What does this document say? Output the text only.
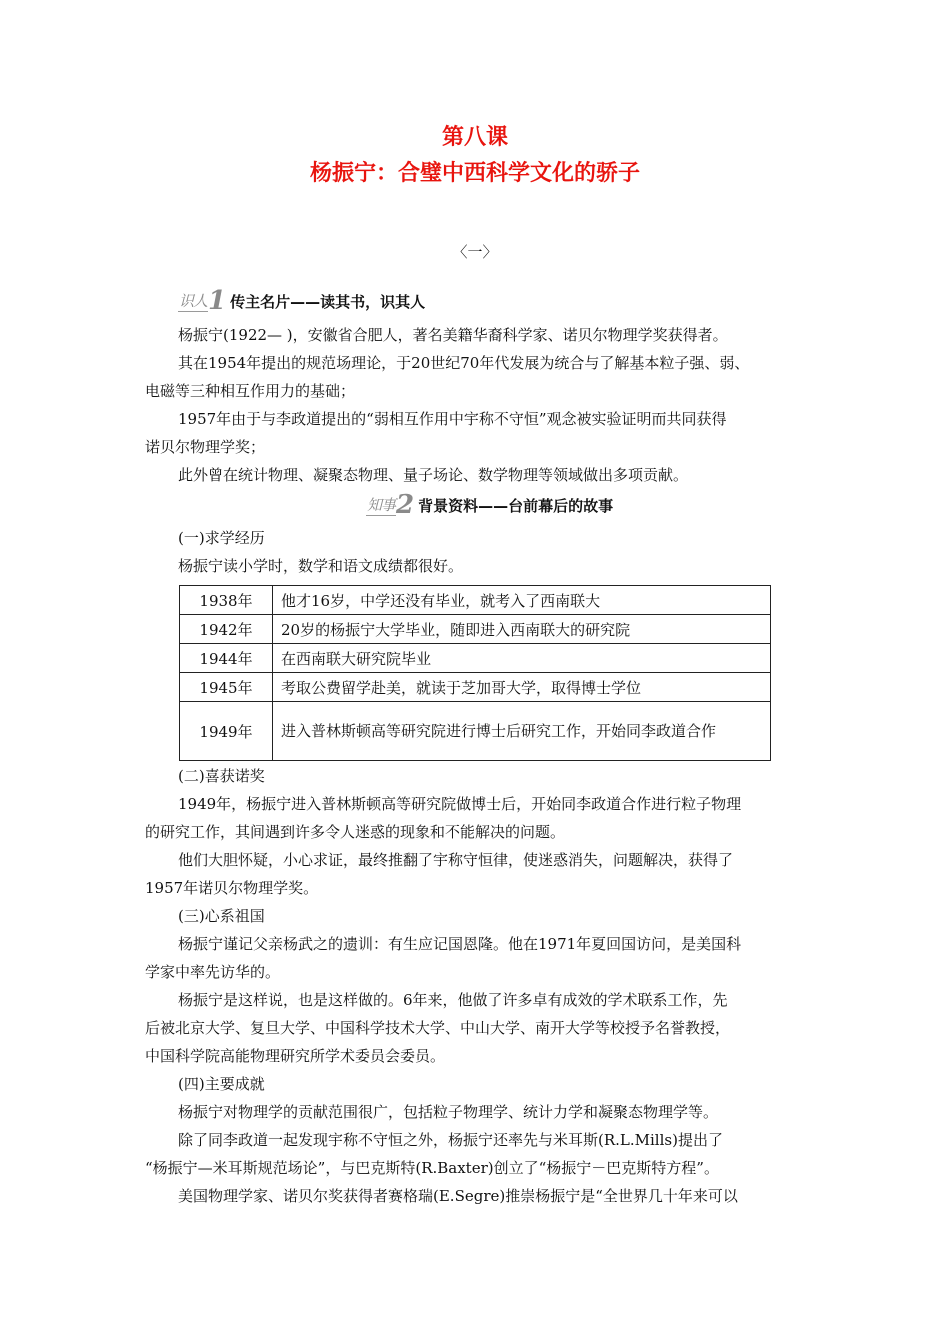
第八课
杨振宁：合璧中西科学文化的骄子
〈一〉
识人 1 传主名片——读其书，识其人
杨振宁(1922— )，安徽省合肥人，著名美籍华裔科学家、诺贝尔物理学奖获得者。
其在1954年提出的规范场理论，于20世纪70年代发展为统合与了解基本粒子强、弱、
电磁等三种相互作用力的基础；
1957年由于与李政道提出的“弱相互作用中宇称不守恒”观念被实验证明而共同获得
诺贝尔物理学奖；
此外曾在统计物理、凝聚态物理、量子场论、数学物理等领域做出多项贡献。
知事 2 背景资料——台前幕后的故事
(一)求学经历
杨振宁读小学时，数学和语文成绩都很好。
1938年	他才16岁，中学还没有毕业，就考入了西南联大
1942年	20岁的杨振宁大学毕业，随即进入西南联大的研究院
1944年	在西南联大研究院毕业
1945年	考取公费留学赴美，就读于芝加哥大学，取得博士学位
1949年	进入普林斯顿高等研究院进行博士后研究工作，开始同李政道合作
(二)喜获诺奖
1949年，杨振宁进入普林斯顿高等研究院做博士后，开始同李政道合作进行粒子物理
的研究工作，其间遇到许多令人迷惑的现象和不能解决的问题。
他们大胆怀疑，小心求证，最终推翻了宇称守恒律，使迷惑消失，问题解决，获得了
1957年诺贝尔物理学奖。
(三)心系祖国
杨振宁谨记父亲杨武之的遗训：有生应记国恩隆。他在1971年夏回国访问，是美国科
学家中率先访华的。
杨振宁是这样说，也是这样做的。6年来，他做了许多卓有成效的学术联系工作，先
后被北京大学、复旦大学、中国科学技术大学、中山大学、南开大学等校授予名誉教授，
中国科学院高能物理研究所学术委员会委员。
(四)主要成就
杨振宁对物理学的贡献范围很广，包括粒子物理学、统计力学和凝聚态物理学等。
除了同李政道一起发现宇称不守恒之外，杨振宁还率先与米耳斯(R.L.Mills)提出了
“杨振宁—米耳斯规范场论”，与巴克斯特(R.Baxter)创立了“杨振宁－巴克斯特方程”。
美国物理学家、诺贝尔奖获得者赛格瑞(E.Segre)推崇杨振宁是“全世界几十年来可以
